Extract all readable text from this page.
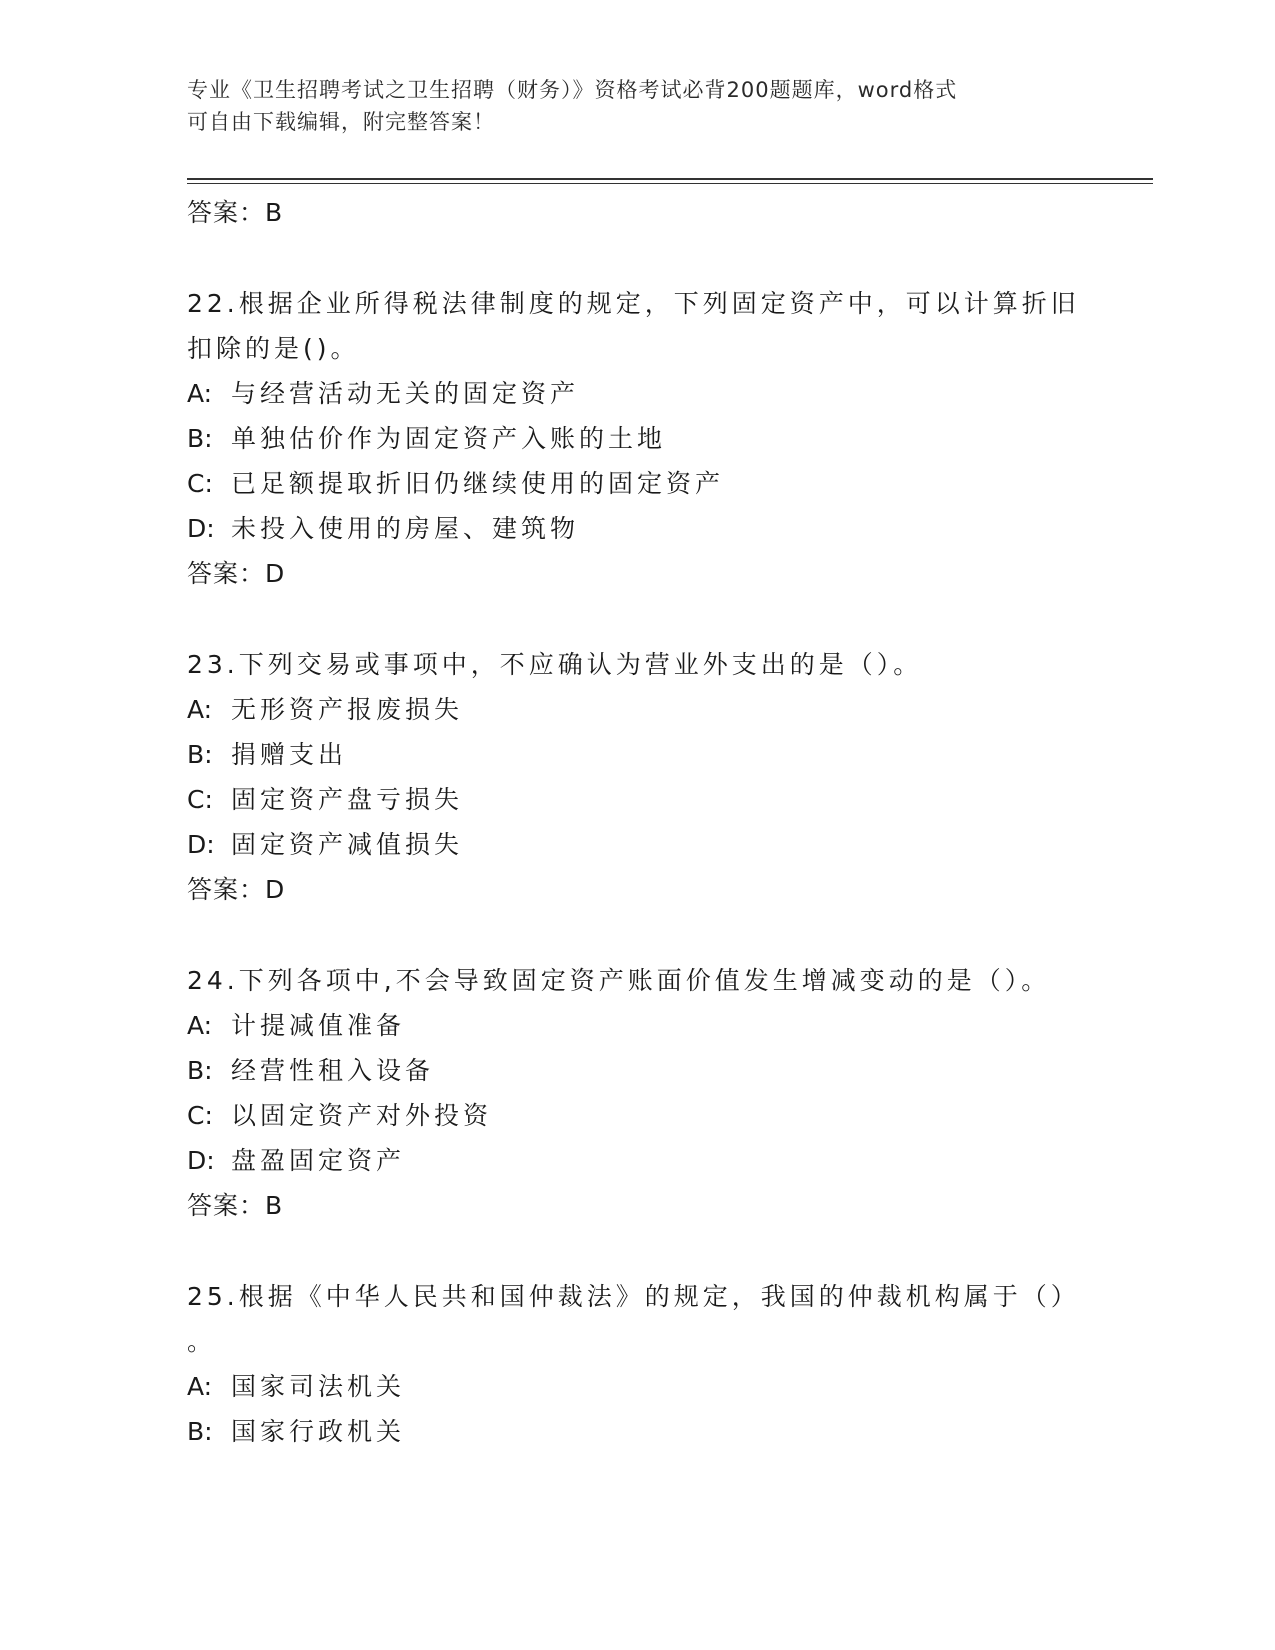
专业《卫生招聘考试之卫生招聘（财务）》资格考试必背200题题库，word格式
可自由下载编辑，附完整答案！
答案：B
22.根据企业所得税法律制度的规定，下列固定资产中，可以计算折旧
扣除的是()。
A: 与经营活动无关的固定资产
B: 单独估价作为固定资产入账的土地
C: 已足额提取折旧仍继续使用的固定资产
D: 未投入使用的房屋、建筑物
答案：D
23.下列交易或事项中，不应确认为营业外支出的是（）。
A: 无形资产报废损失
B: 捐赠支出
C: 固定资产盘亏损失
D: 固定资产减值损失
答案：D
24.下列各项中,不会导致固定资产账面价值发生增减变动的是（）。
A: 计提减值准备
B: 经营性租入设备
C: 以固定资产对外投资
D: 盘盈固定资产
答案：B
25.根据《中华人民共和国仲裁法》的规定，我国的仲裁机构属于（）
。
A: 国家司法机关
B: 国家行政机关
